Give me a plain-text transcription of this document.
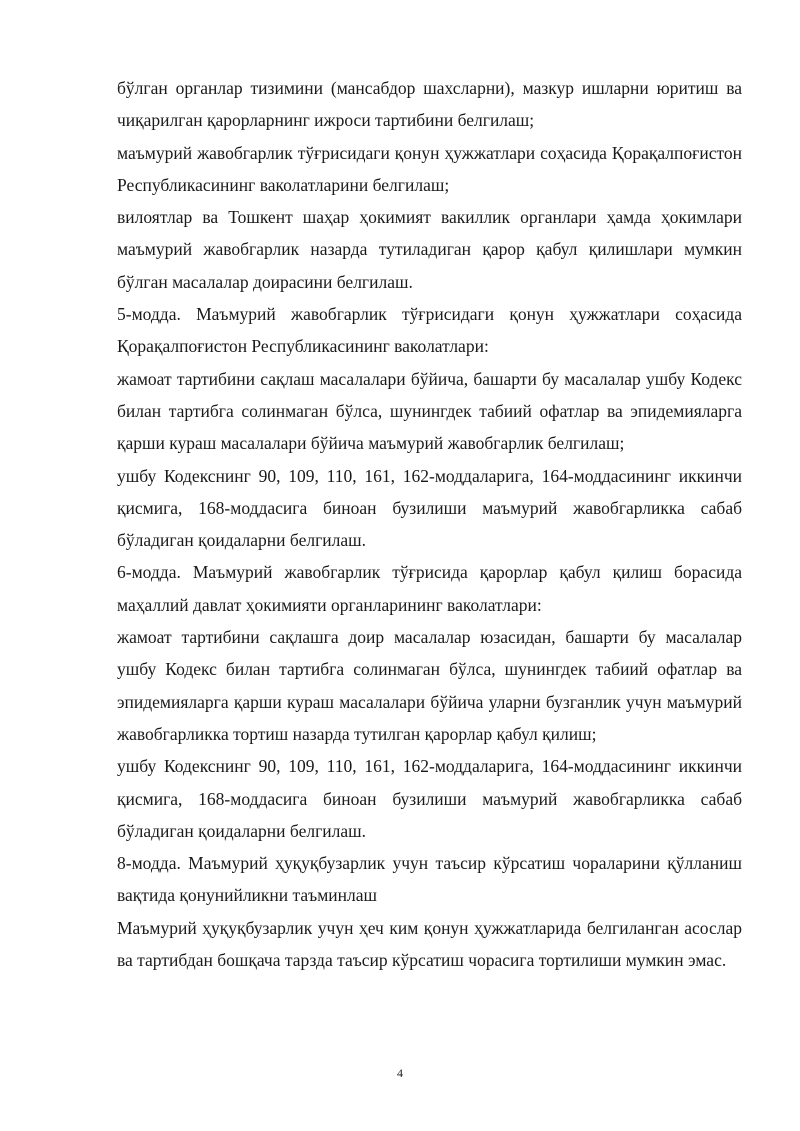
бўлган органлар тизимини (мансабдор шахсларни), мазкур ишларни юритиш ва чиқарилган қарорларнинг ижроси тартибини белгилаш;

маъмурий жавобгарлик тўғрисидаги қонун ҳужжатлари соҳасида Қорақалпоғистон Республикасининг ваколатларини белгилаш;

вилоятлар ва Тошкент шаҳар ҳокимият вакиллик органлари ҳамда ҳокимлари маъмурий жавобгарлик назарда тутиладиган қарор қабул қилишлари мумкин бўлган масалалар доирасини белгилаш.

5-модда. Маъмурий жавобгарлик тўғрисидаги қонун ҳужжатлари соҳасида Қорақалпоғистон Республикасининг ваколатлари:

жамоат тартибини сақлаш масалалари бўйича, башарти бу масалалар ушбу Кодекс билан тартибга солинмаган бўлса, шунингдек табиий офатлар ва эпидемияларга қарши кураш масалалари бўйича маъмурий жавобгарлик белгилаш;

ушбу Кодекснинг 90, 109, 110, 161, 162-моддаларига, 164-моддасининг иккинчи қисмига, 168-моддасига биноан бузилиши маъмурий жавобгарликка сабаб бўладиган қоидаларни белгилаш.

6-модда. Маъмурий жавобгарлик тўғрисида қарорлар қабул қилиш борасида маҳаллий давлат ҳокимияти органларининг ваколатлари:

жамоат тартибини сақлашга доир масалалар юзасидан, башарти бу масалалар ушбу Кодекс билан тартибга солинмаган бўлса, шунингдек табиий офатлар ва эпидемияларга қарши кураш масалалари бўйича уларни бузганлик учун маъмурий жавобгарликка тортиш назарда тутилган қарорлар қабул қилиш;

ушбу Кодекснинг 90, 109, 110, 161, 162-моддаларига, 164-моддасининг иккинчи қисмига, 168-моддасига биноан бузилиши маъмурий жавобгарликка сабаб бўладиган қоидаларни белгилаш.

8-модда. Маъмурий ҳуқуқбузарлик учун таъсир кўрсатиш чораларини қўлланиш вақтида қонунийликни таъминлаш

Маъмурий ҳуқуқбузарлик учун ҳеч ким қонун ҳужжатларида белгиланган асослар ва тартибдан бошқача тарзда таъсир кўрсатиш чорасига тортилиши мумкин эмас.

4
